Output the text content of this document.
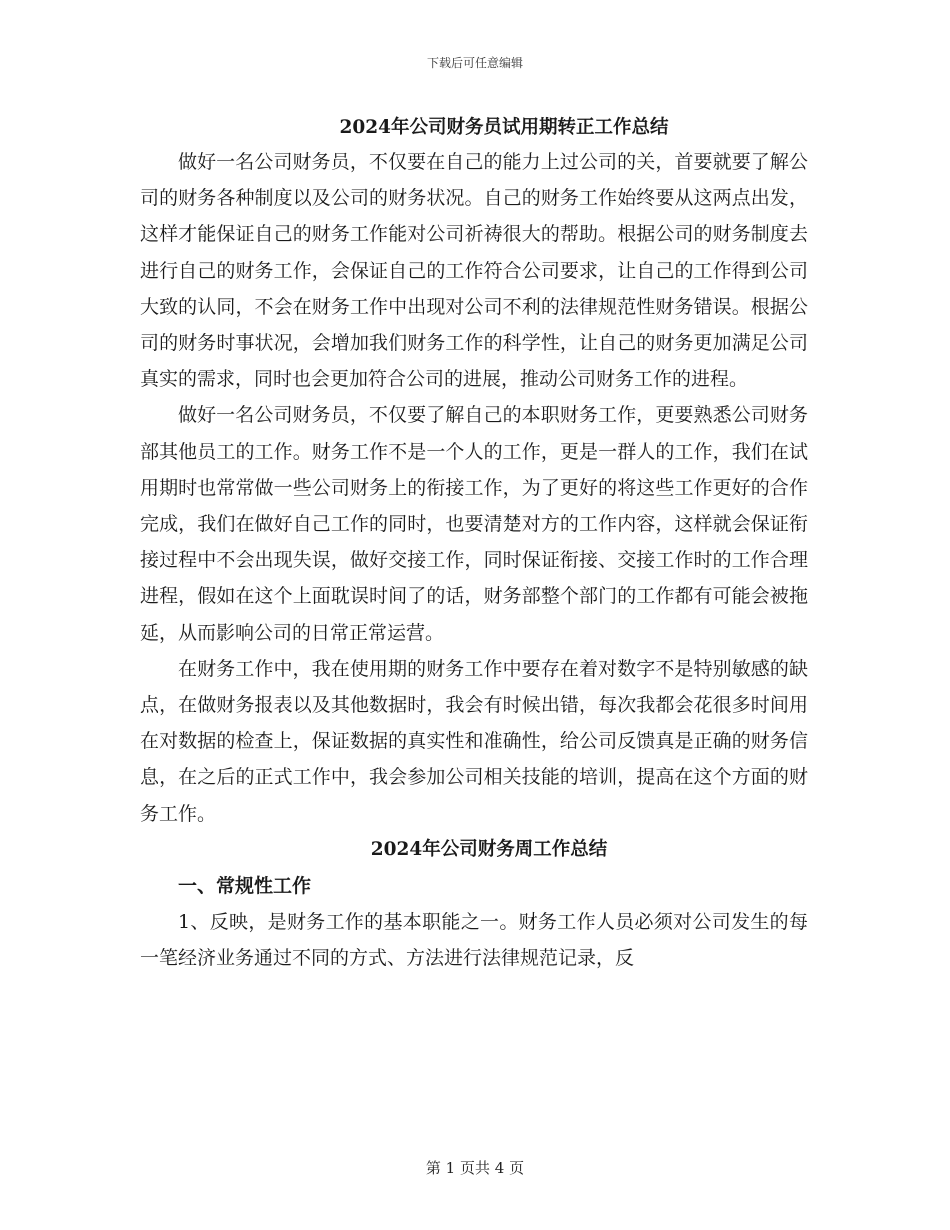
下载后可任意编辑
2024年公司财务员试用期转正工作总结

做好一名公司财务员，不仅要在自己的能力上过公司的关，首要就要了解公司的财务各种制度以及公司的财务状况。自己的财务工作始终要从这两点出发，这样才能保证自己的财务工作能对公司祈祷很大的帮助。根据公司的财务制度去进行自己的财务工作，会保证自己的工作符合公司要求，让自己的工作得到公司大致的认同，不会在财务工作中出现对公司不利的法律规范性财务错误。根据公司的财务时事状况，会增加我们财务工作的科学性，让自己的财务更加满足公司真实的需求，同时也会更加符合公司的进展，推动公司财务工作的进程。

做好一名公司财务员，不仅要了解自己的本职财务工作，更要熟悉公司财务部其他员工的工作。财务工作不是一个人的工作，更是一群人的工作，我们在试用期时也常常做一些公司财务上的衔接工作，为了更好的将这些工作更好的合作完成，我们在做好自己工作的同时，也要清楚对方的工作内容，这样就会保证衔接过程中不会出现失误，做好交接工作，同时保证衔接、交接工作时的工作合理进程，假如在这个上面耽误时间了的话，财务部整个部门的工作都有可能会被拖延，从而影响公司的日常正常运营。

在财务工作中，我在使用期的财务工作中要存在着对数字不是特别敏感的缺点，在做财务报表以及其他数据时，我会有时候出错，每次我都会花很多时间用在对数据的检查上，保证数据的真实性和准确性，给公司反馈真是正确的财务信息，在之后的正式工作中，我会参加公司相关技能的培训，提高在这个方面的财务工作。

2024年公司财务周工作总结
一、常规性工作

1、反映，是财务工作的基本职能之一。财务工作人员必须对公司发生的每一笔经济业务通过不同的方式、方法进行法律规范记录，反

第 1 页共 4 页
